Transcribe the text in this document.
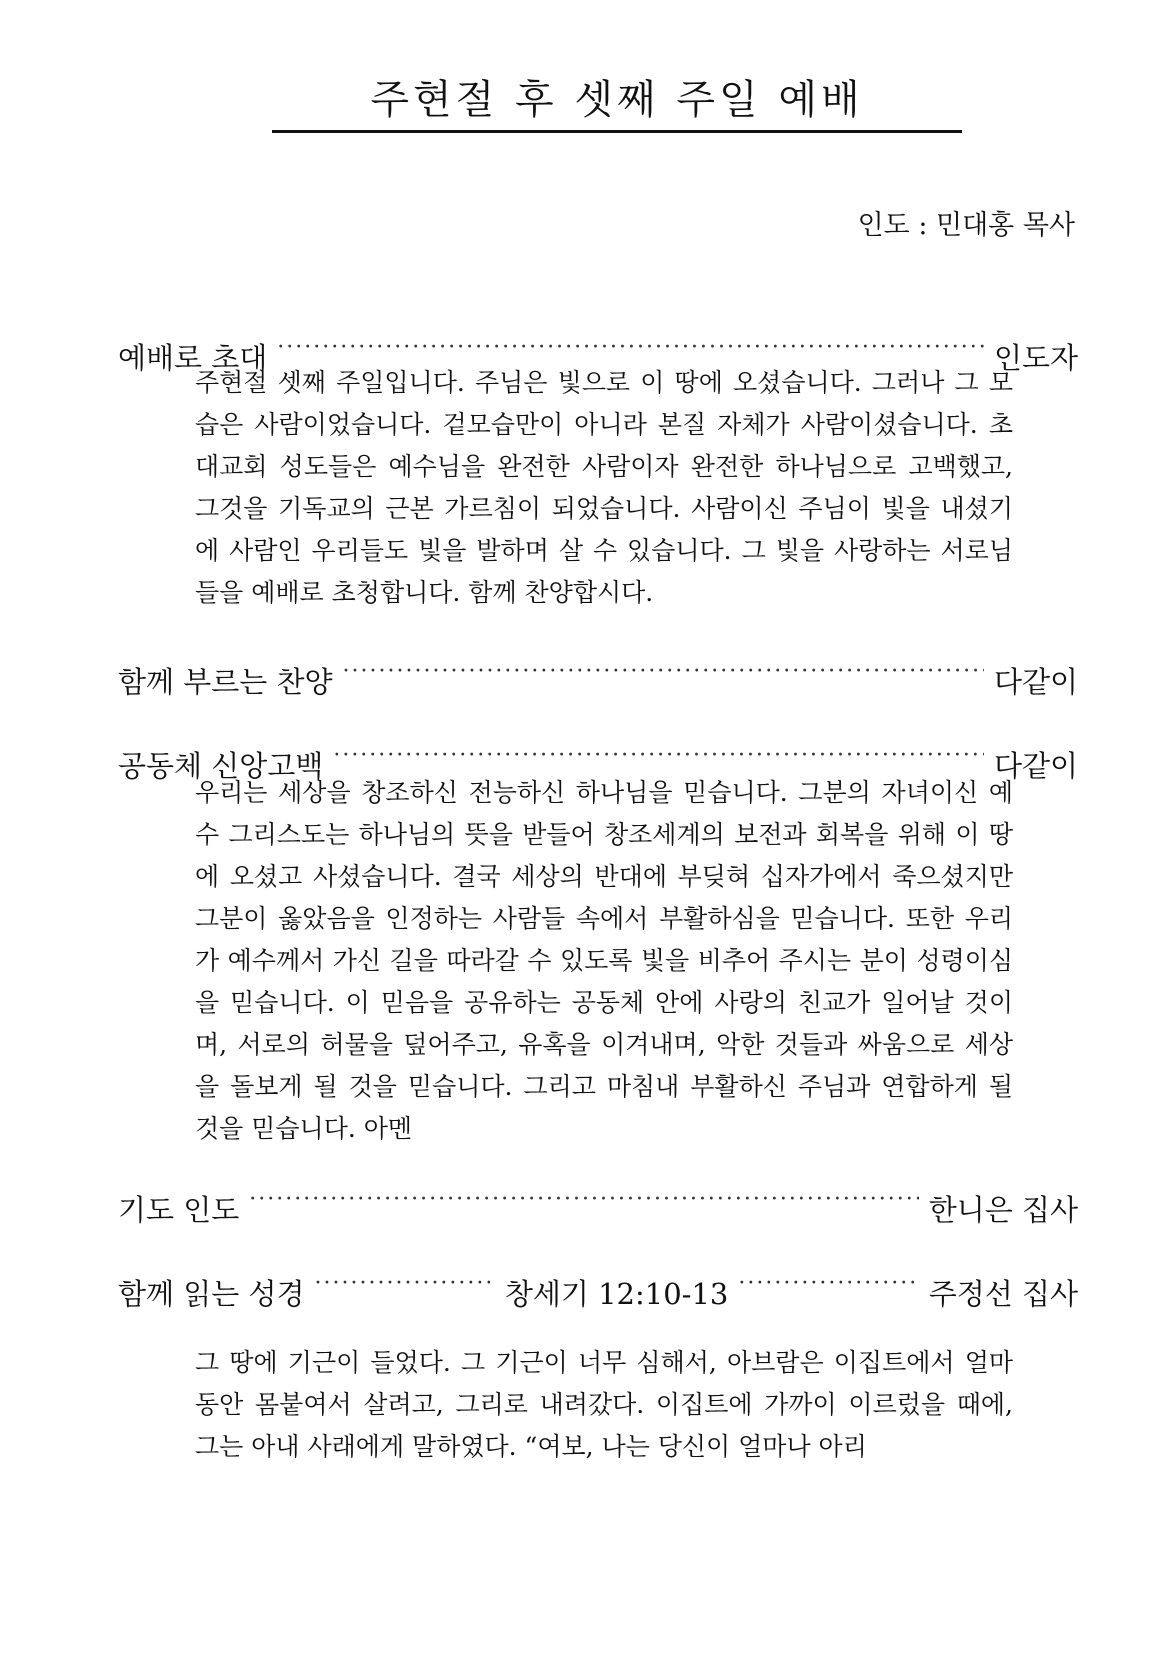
주현절 후 셋째 주일 예배
인도 : 민대홍 목사
예배로 초대 ·····	인도자

주현절 셋째 주일입니다. 주님은 빛으로 이 땅에 오셨습니다. 그러나 그 모습은 사람이었습니다. 겉모습만이 아니라 본질 자체가 사람이셨습니다. 초대교회 성도들은 예수님을 완전한 사람이자 완전한 하나님으로 고백했고, 그것을 기독교의 근본 가르침이 되었습니다. 사람이신 주님이 빛을 내셨기에 사람인 우리들도 빛을 발하며 살 수 있습니다. 그 빛을 사랑하는 서로님들을 예배로 초청합니다. 함께 찬양합시다.

함께 부르는 찬양 ·····	다같이
공동체 신앙고백 ·····	다같이

우리는 세상을 창조하신 전능하신 하나님을 믿습니다. 그분의 자녀이신 예수 그리스도는 하나님의 뜻을 받들어 창조세계의 보전과 회복을 위해 이 땅에 오셨고 사셨습니다. 결국 세상의 반대에 부딪혀 십자가에서 죽으셨지만 그분이 옳았음을 인정하는 사람들 속에서 부활하심을 믿습니다. 또한 우리가 예수께서 가신 길을 따라갈 수 있도록 빛을 비추어 주시는 분이 성령이심을 믿습니다. 이 믿음을 공유하는 공동체 안에 사랑의 친교가 일어날 것이며, 서로의 허물을 덮어주고, 유혹을 이겨내며, 악한 것들과 싸움으로 세상을 돌보게 될 것을 믿습니다. 그리고 마침내 부활하신 주님과 연합하게 될 것을 믿습니다. 아멘

기도 인도 ·····	한니은 집사
함께 읽는 성경 ·····	창세기 12:10-13 ·····	주정선 집사

그 땅에 기근이 들었다. 그 기근이 너무 심해서, 아브람은 이집트에서 얼마 동안 몸붙여서 살려고, 그리로 내려갔다. 이집트에 가까이 이르렀을 때에, 그는 아내 사래에게 말하였다. “여보, 나는 당신이 얼마나 아리
